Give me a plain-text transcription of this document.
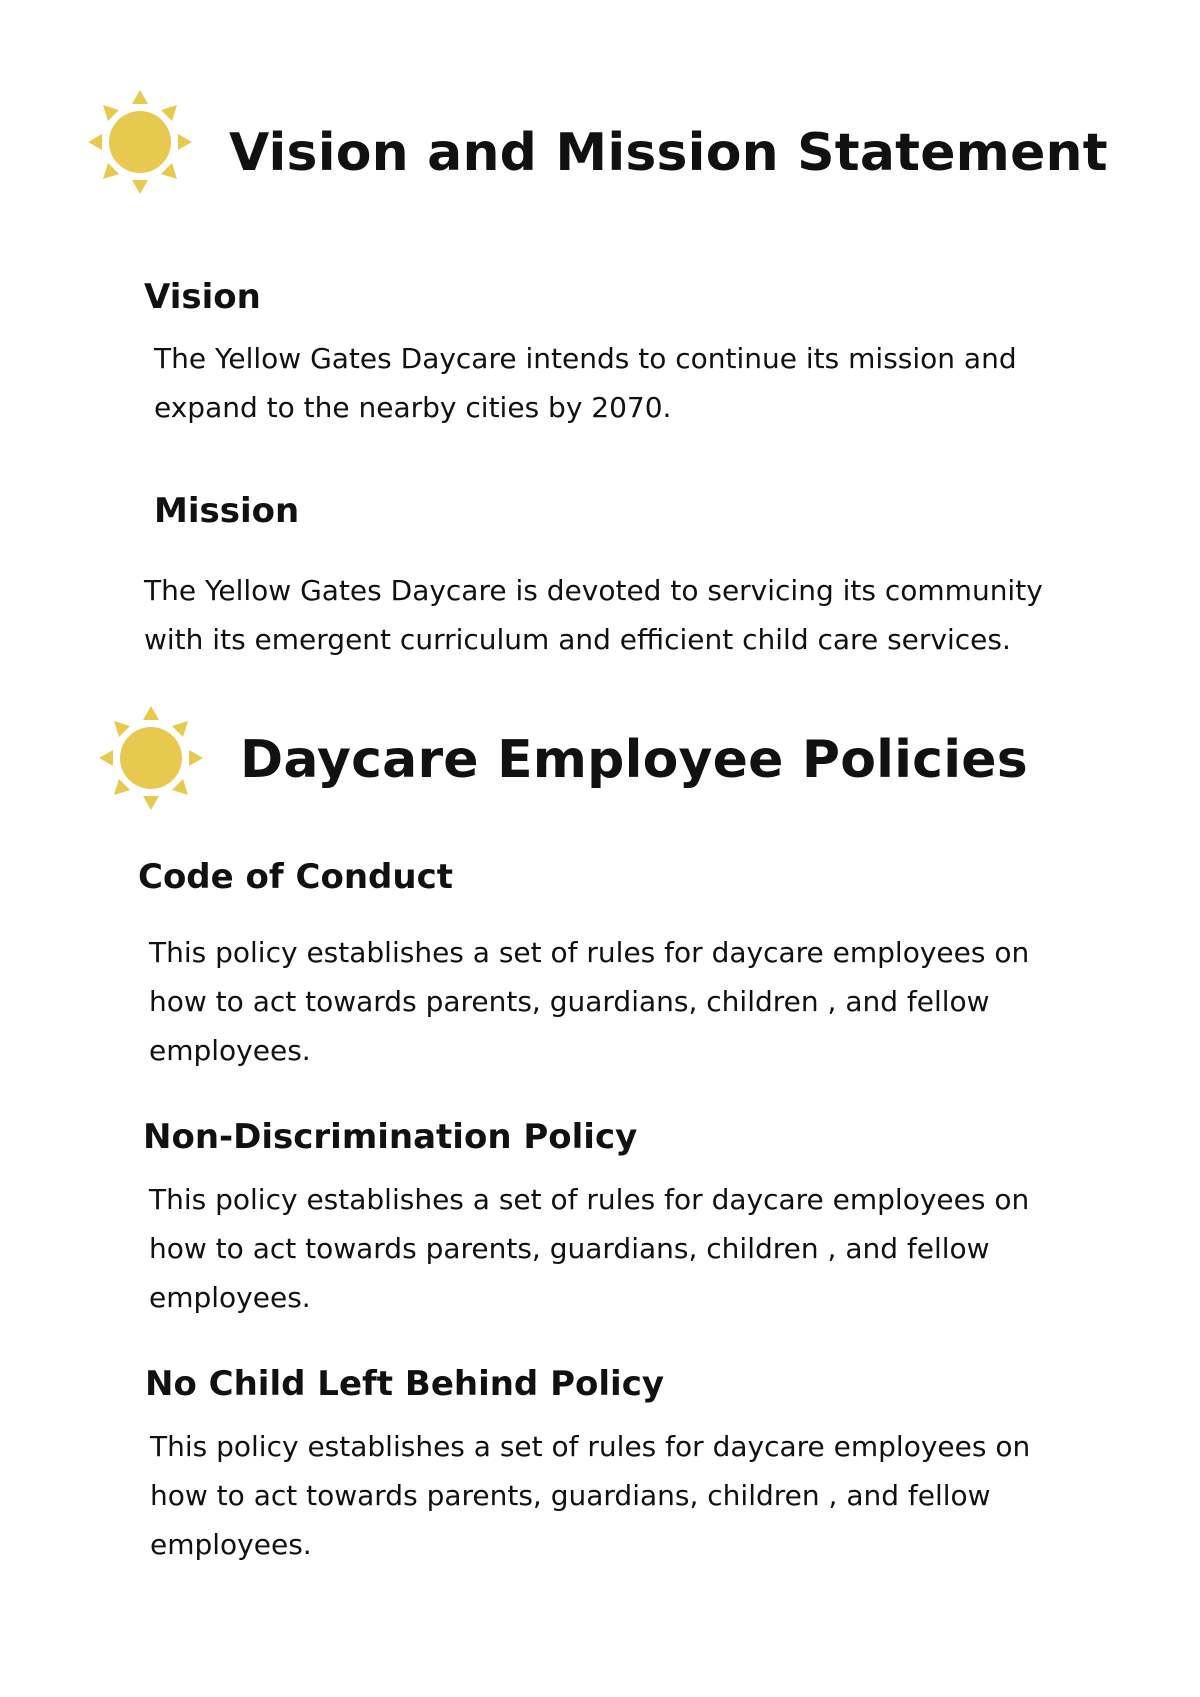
Vision and Mission Statement
Vision

The Yellow Gates Daycare intends to continue its mission and expand to the nearby cities by 2070.

Mission

The Yellow Gates Daycare is devoted to servicing its community with its emergent curriculum and efficient child care services.

Daycare Employee Policies
Code of Conduct

This policy establishes a set of rules for daycare employees on how to act towards parents, guardians, children , and fellow employees.

Non-Discrimination Policy

This policy establishes a set of rules for daycare employees on how to act towards parents, guardians, children , and fellow employees.

No Child Left Behind Policy

This policy establishes a set of rules for daycare employees on how to act towards parents, guardians, children , and fellow employees.
